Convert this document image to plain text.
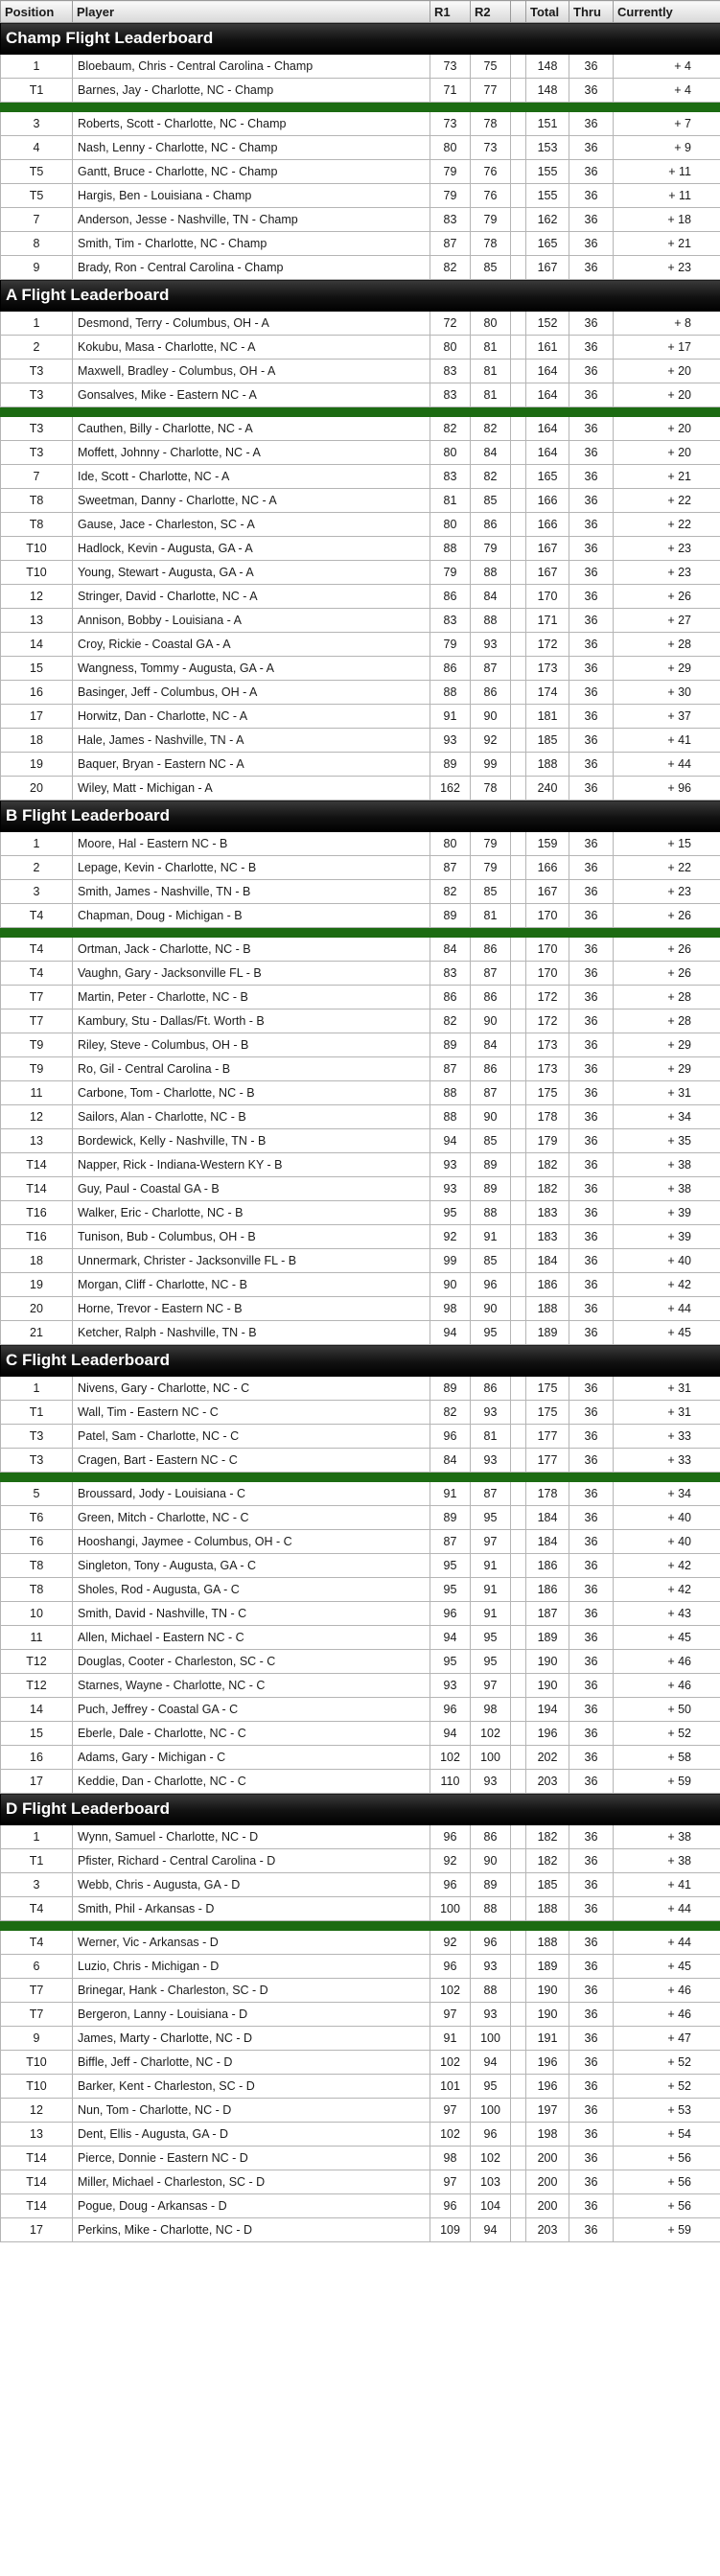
Position	Player	R1	R2		Total	Thru	Currently
Champ Flight Leaderboard							
1	Bloebaum, Chris - Central Carolina - Champ	73	75		148	36	+ 4
T1	Barnes, Jay - Charlotte, NC - Champ	71	77		148	36	+ 4

3	Roberts, Scott - Charlotte, NC - Champ	73	78		151	36	+ 7
4	Nash, Lenny - Charlotte, NC - Champ	80	73		153	36	+ 9
T5	Gantt, Bruce - Charlotte, NC - Champ	79	76		155	36	+ 11
T5	Hargis, Ben - Louisiana - Champ	79	76		155	36	+ 11
7	Anderson, Jesse - Nashville, TN - Champ	83	79		162	36	+ 18
8	Smith, Tim - Charlotte, NC - Champ	87	78		165	36	+ 21
9	Brady, Ron - Central Carolina - Champ	82	85		167	36	+ 23
A Flight Leaderboard							
1	Desmond, Terry - Columbus, OH - A	72	80		152	36	+ 8
2	Kokubu, Masa - Charlotte, NC - A	80	81		161	36	+ 17
T3	Maxwell, Bradley - Columbus, OH - A	83	81		164	36	+ 20
T3	Gonsalves, Mike - Eastern NC - A	83	81		164	36	+ 20

T3	Cauthen, Billy - Charlotte, NC - A	82	82		164	36	+ 20
T3	Moffett, Johnny - Charlotte, NC - A	80	84		164	36	+ 20
7	Ide, Scott - Charlotte, NC - A	83	82		165	36	+ 21
T8	Sweetman, Danny - Charlotte, NC - A	81	85		166	36	+ 22
T8	Gause, Jace - Charleston, SC - A	80	86		166	36	+ 22
T10	Hadlock, Kevin - Augusta, GA - A	88	79		167	36	+ 23
T10	Young, Stewart - Augusta, GA - A	79	88		167	36	+ 23
12	Stringer, David - Charlotte, NC - A	86	84		170	36	+ 26
13	Annison, Bobby - Louisiana - A	83	88		171	36	+ 27
14	Croy, Rickie - Coastal GA - A	79	93		172	36	+ 28
15	Wangness, Tommy - Augusta, GA - A	86	87		173	36	+ 29
16	Basinger, Jeff - Columbus, OH - A	88	86		174	36	+ 30
17	Horwitz, Dan - Charlotte, NC - A	91	90		181	36	+ 37
18	Hale, James - Nashville, TN - A	93	92		185	36	+ 41
19	Baquer, Bryan - Eastern NC - A	89	99		188	36	+ 44
20	Wiley, Matt - Michigan - A	162	78		240	36	+ 96
B Flight Leaderboard							
1	Moore, Hal - Eastern NC - B	80	79		159	36	+ 15
2	Lepage, Kevin - Charlotte, NC - B	87	79		166	36	+ 22
3	Smith, James - Nashville, TN - B	82	85		167	36	+ 23
T4	Chapman, Doug - Michigan - B	89	81		170	36	+ 26

T4	Ortman, Jack - Charlotte, NC - B	84	86		170	36	+ 26
T4	Vaughn, Gary - Jacksonville FL - B	83	87		170	36	+ 26
T7	Martin, Peter - Charlotte, NC - B	86	86		172	36	+ 28
T7	Kambury, Stu - Dallas/Ft. Worth - B	82	90		172	36	+ 28
T9	Riley, Steve - Columbus, OH - B	89	84		173	36	+ 29
T9	Ro, Gil - Central Carolina - B	87	86		173	36	+ 29
11	Carbone, Tom - Charlotte, NC - B	88	87		175	36	+ 31
12	Sailors, Alan - Charlotte, NC - B	88	90		178	36	+ 34
13	Bordewick, Kelly - Nashville, TN - B	94	85		179	36	+ 35
T14	Napper, Rick - Indiana-Western KY - B	93	89		182	36	+ 38
T14	Guy, Paul - Coastal GA - B	93	89		182	36	+ 38
T16	Walker, Eric - Charlotte, NC - B	95	88		183	36	+ 39
T16	Tunison, Bub - Columbus, OH - B	92	91		183	36	+ 39
18	Unnermark, Christer - Jacksonville FL - B	99	85		184	36	+ 40
19	Morgan, Cliff - Charlotte, NC - B	90	96		186	36	+ 42
20	Horne, Trevor - Eastern NC - B	98	90		188	36	+ 44
21	Ketcher, Ralph - Nashville, TN - B	94	95		189	36	+ 45
C Flight Leaderboard							
1	Nivens, Gary - Charlotte, NC - C	89	86		175	36	+ 31
T1	Wall, Tim - Eastern NC - C	82	93		175	36	+ 31
T3	Patel, Sam - Charlotte, NC - C	96	81		177	36	+ 33
T3	Cragen, Bart - Eastern NC - C	84	93		177	36	+ 33

5	Broussard, Jody - Louisiana - C	91	87		178	36	+ 34
T6	Green, Mitch - Charlotte, NC - C	89	95		184	36	+ 40
T6	Hooshangi, Jaymee - Columbus, OH - C	87	97		184	36	+ 40
T8	Singleton, Tony - Augusta, GA - C	95	91		186	36	+ 42
T8	Sholes, Rod - Augusta, GA - C	95	91		186	36	+ 42
10	Smith, David - Nashville, TN - C	96	91		187	36	+ 43
11	Allen, Michael - Eastern NC - C	94	95		189	36	+ 45
T12	Douglas, Cooter - Charleston, SC - C	95	95		190	36	+ 46
T12	Starnes, Wayne - Charlotte, NC - C	93	97		190	36	+ 46
14	Puch, Jeffrey - Coastal GA - C	96	98		194	36	+ 50
15	Eberle, Dale - Charlotte, NC - C	94	102		196	36	+ 52
16	Adams, Gary - Michigan - C	102	100		202	36	+ 58
17	Keddie, Dan - Charlotte, NC - C	110	93		203	36	+ 59
D Flight Leaderboard							
1	Wynn, Samuel - Charlotte, NC - D	96	86		182	36	+ 38
T1	Pfister, Richard - Central Carolina - D	92	90		182	36	+ 38
3	Webb, Chris - Augusta, GA - D	96	89		185	36	+ 41
T4	Smith, Phil - Arkansas - D	100	88		188	36	+ 44

T4	Werner, Vic - Arkansas - D	92	96		188	36	+ 44
6	Luzio, Chris - Michigan - D	96	93		189	36	+ 45
T7	Brinegar, Hank - Charleston, SC - D	102	88		190	36	+ 46
T7	Bergeron, Lanny - Louisiana - D	97	93		190	36	+ 46
9	James, Marty - Charlotte, NC - D	91	100		191	36	+ 47
T10	Biffle, Jeff - Charlotte, NC - D	102	94		196	36	+ 52
T10	Barker, Kent - Charleston, SC - D	101	95		196	36	+ 52
12	Nun, Tom - Charlotte, NC - D	97	100		197	36	+ 53
13	Dent, Ellis - Augusta, GA - D	102	96		198	36	+ 54
T14	Pierce, Donnie - Eastern NC - D	98	102		200	36	+ 56
T14	Miller, Michael - Charleston, SC - D	97	103		200	36	+ 56
T14	Pogue, Doug - Arkansas - D	96	104		200	36	+ 56
17	Perkins, Mike - Charlotte, NC - D	109	94		203	36	+ 59
